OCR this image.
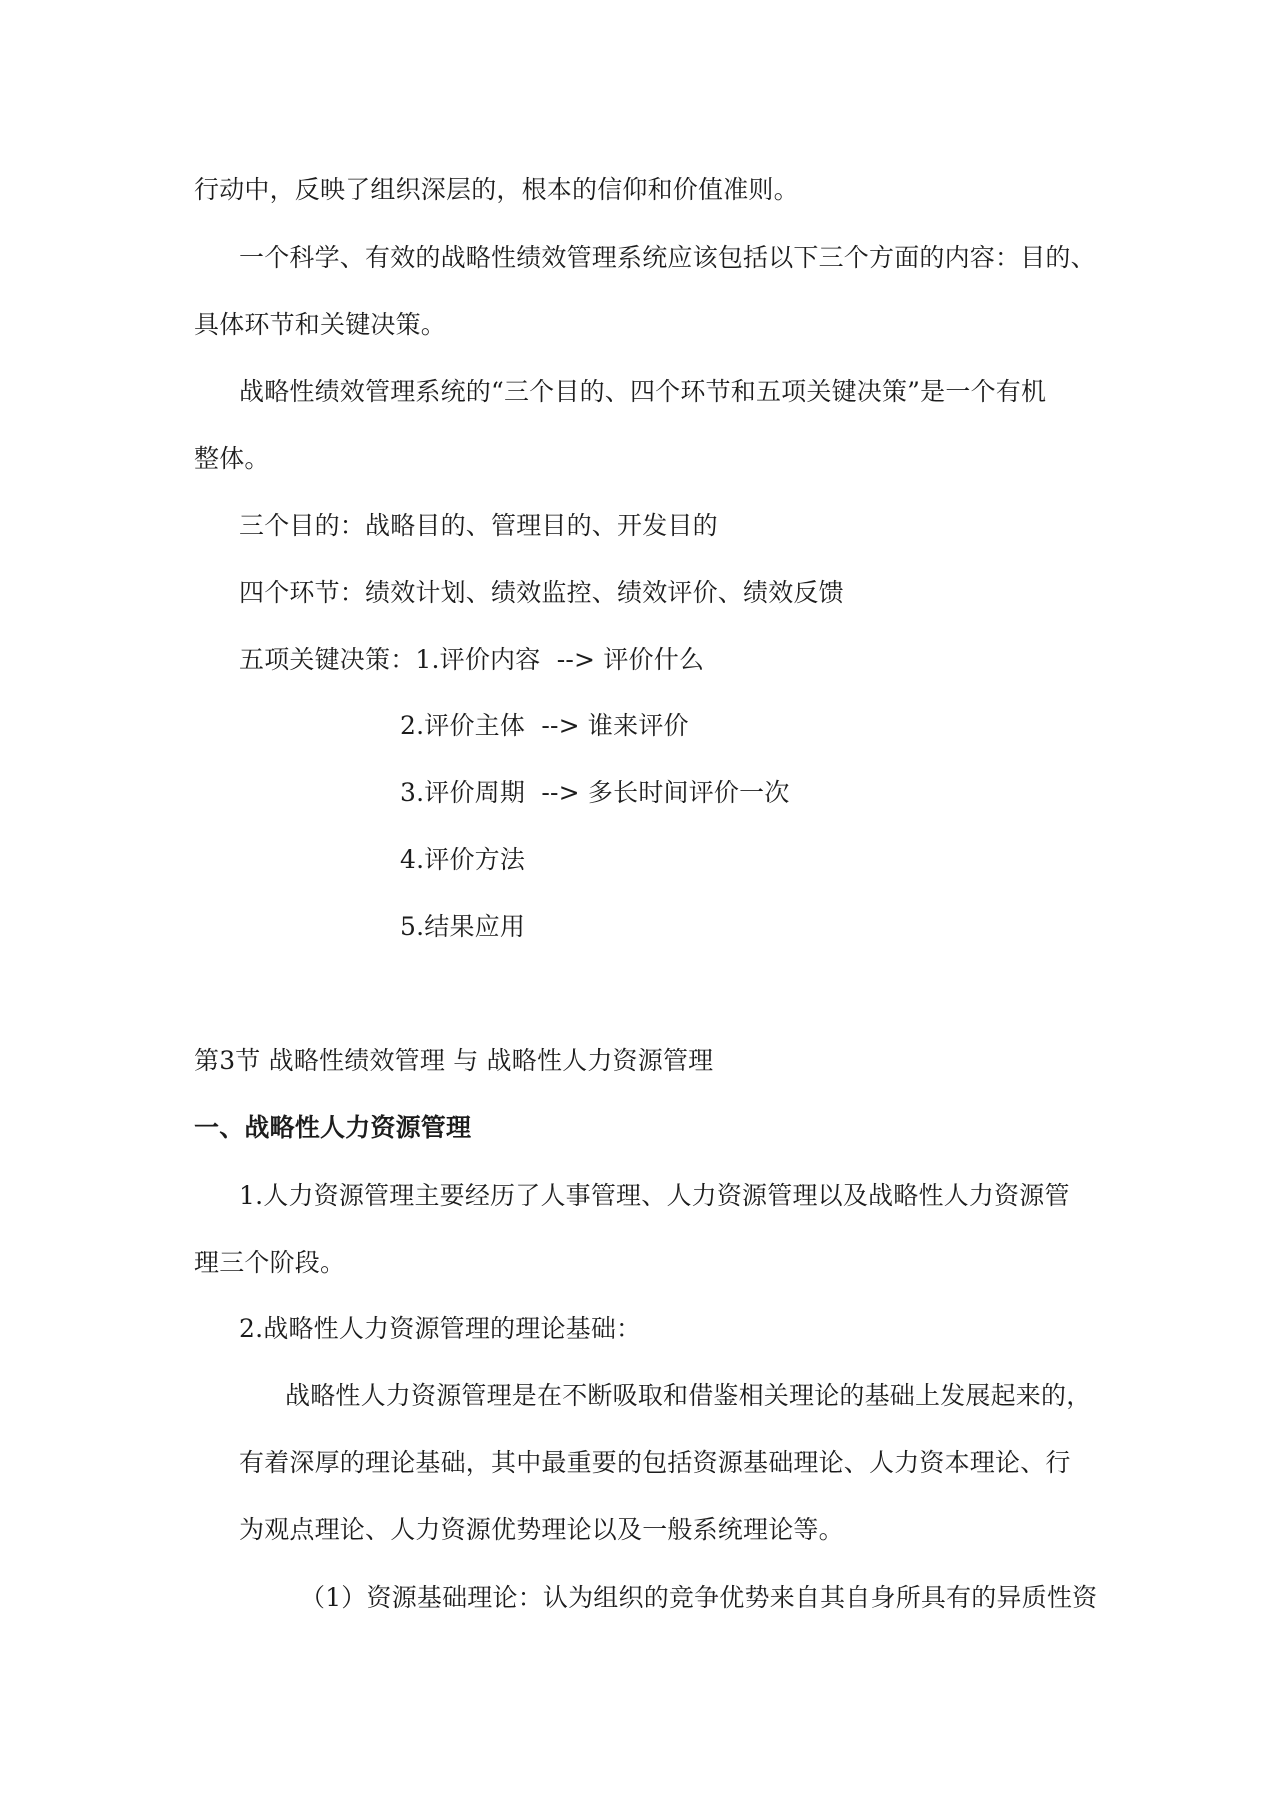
行动中，反映了组织深层的，根本的信仰和价值准则。
一个科学、有效的战略性绩效管理系统应该包括以下三个方面的内容：目的、
具体环节和关键决策。
战略性绩效管理系统的“三个目的、四个环节和五项关键决策”是一个有机
整体。
三个目的：战略目的、管理目的、开发目的
四个环节：绩效计划、绩效监控、绩效评价、绩效反馈
五项关键决策：1.评价内容  --> 评价什么
2.评价主体  --> 谁来评价
3.评价周期  --> 多长时间评价一次
4.评价方法
5.结果应用
第3节 战略性绩效管理 与 战略性人力资源管理
一、战略性人力资源管理
1.人力资源管理主要经历了人事管理、人力资源管理以及战略性人力资源管
理三个阶段。
2.战略性人力资源管理的理论基础：
战略性人力资源管理是在不断吸取和借鉴相关理论的基础上发展起来的，
有着深厚的理论基础，其中最重要的包括资源基础理论、人力资本理论、行
为观点理论、人力资源优势理论以及一般系统理论等。
（1）资源基础理论：认为组织的竞争优势来自其自身所具有的异质性资
